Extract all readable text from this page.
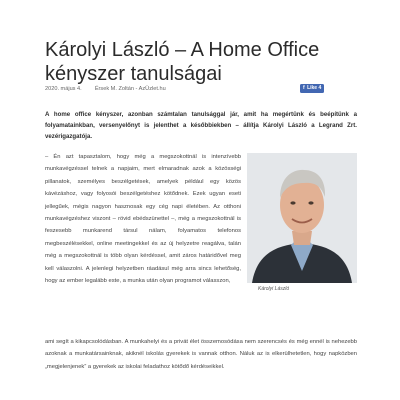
Károlyi László – A Home Office kényszer tanulságai
2020. május 4. Érsek M. Zoltán - AzÜzlet.hu	f Like 4

A home office kényszer, azonban számtalan tanulsággal jár, amit ha megértünk és beépítünk a folyamatainkban, versenyelőnyt is jelenthet a későbbiekben – állítja Károlyi László a Legrand Zrt. vezérigazgatója.

– Én azt tapasztalom, hogy még a megszokottnál is intenzívebb munkavégzéssel telnek a napjaim, mert elmaradnak azok a közösségi pillanatok, személyes beszélgetések, amelyek például egy közös kávézáshoz, vagy folyosói beszélgetéshez kötődnek. Ezek ugyan eseti jellegűek, mégis nagyon hasznosak egy cég napi életében. Az otthoni munkavégzéshez viszont – rövid ebédszünettel –, még a megszokottnál is feszesebb munkarend társul nálam, folyamatos telefonos megbeszélésekkel, online meetingekkel és az új helyzetre reagálva, talán még a megszokottnál is több olyan kérdéssel, amit záros határidővel meg kell válaszolni. A jelenlegi helyzetben ráadásul még arra sincs lehetőség, hogy az ember legalább este, a munka után olyan programot válasszon,

Károlyi László

ami segít a kikapcsolódásban. A munkahelyi és a privát élet összemosódása nem szerencsés és még ennél is nehezebb azoknak a munkatársainknak, akiknél iskolás gyerekek is vannak otthon. Náluk az is elkerülhetetlen, hogy napközben „megjelenjenek” a gyerekek az iskolai feladathoz kötődő kérdéseikkel.
